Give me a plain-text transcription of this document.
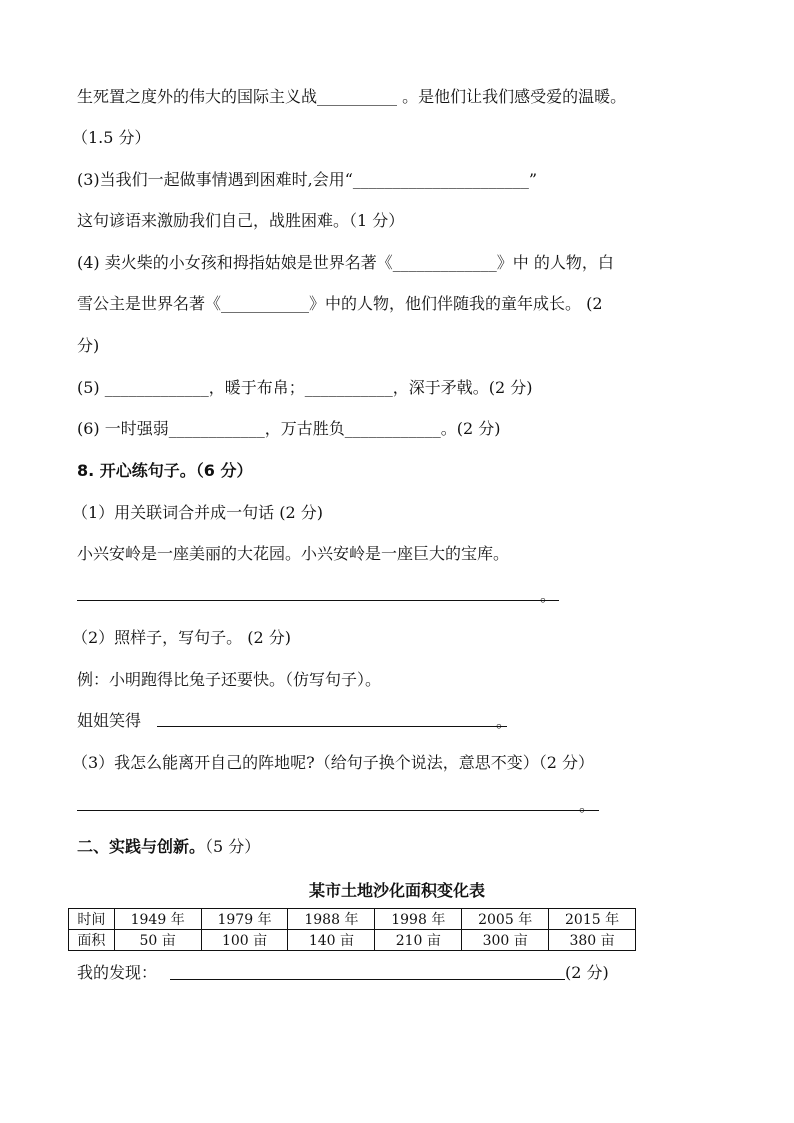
生死置之度外的伟大的国际主义战__________ 。是他们让我们感受爱的温暖。
（1.5 分）
(3)当我们一起做事情遇到困难时,会用“______________________”
这句谚语来激励我们自己，战胜困难。（1 分）
(4) 卖火柴的小女孩和拇指姑娘是世界名著《_____________》中 的人物，白
雪公主是世界名著《___________》中的人物，他们伴随我的童年成长。 (2
分)
(5) _____________，暖于布帛；___________，深于矛戟。(2 分)
(6) 一时强弱____________，万古胜负____________。(2 分)
8. 开心练句子。（6 分）
（1）用关联词合并成一句话 (2 分)
小兴安岭是一座美丽的大花园。小兴安岭是一座巨大的宝库。
。
（2）照样子，写句子。 (2 分)
例：小明跑得比兔子还要快。（仿写句子）。
姐姐笑得	。
（3）我怎么能离开自己的阵地呢?（给句子换个说法，意思不变）（2 分）
。
二、实践与创新。（5 分）
某市土地沙化面积变化表
时间	1949 年	1979 年	1988 年	1998 年	2005 年	2015 年
面积	50 亩	100 亩	140 亩	210 亩	300 亩	380 亩
我的发现：	(2 分)
